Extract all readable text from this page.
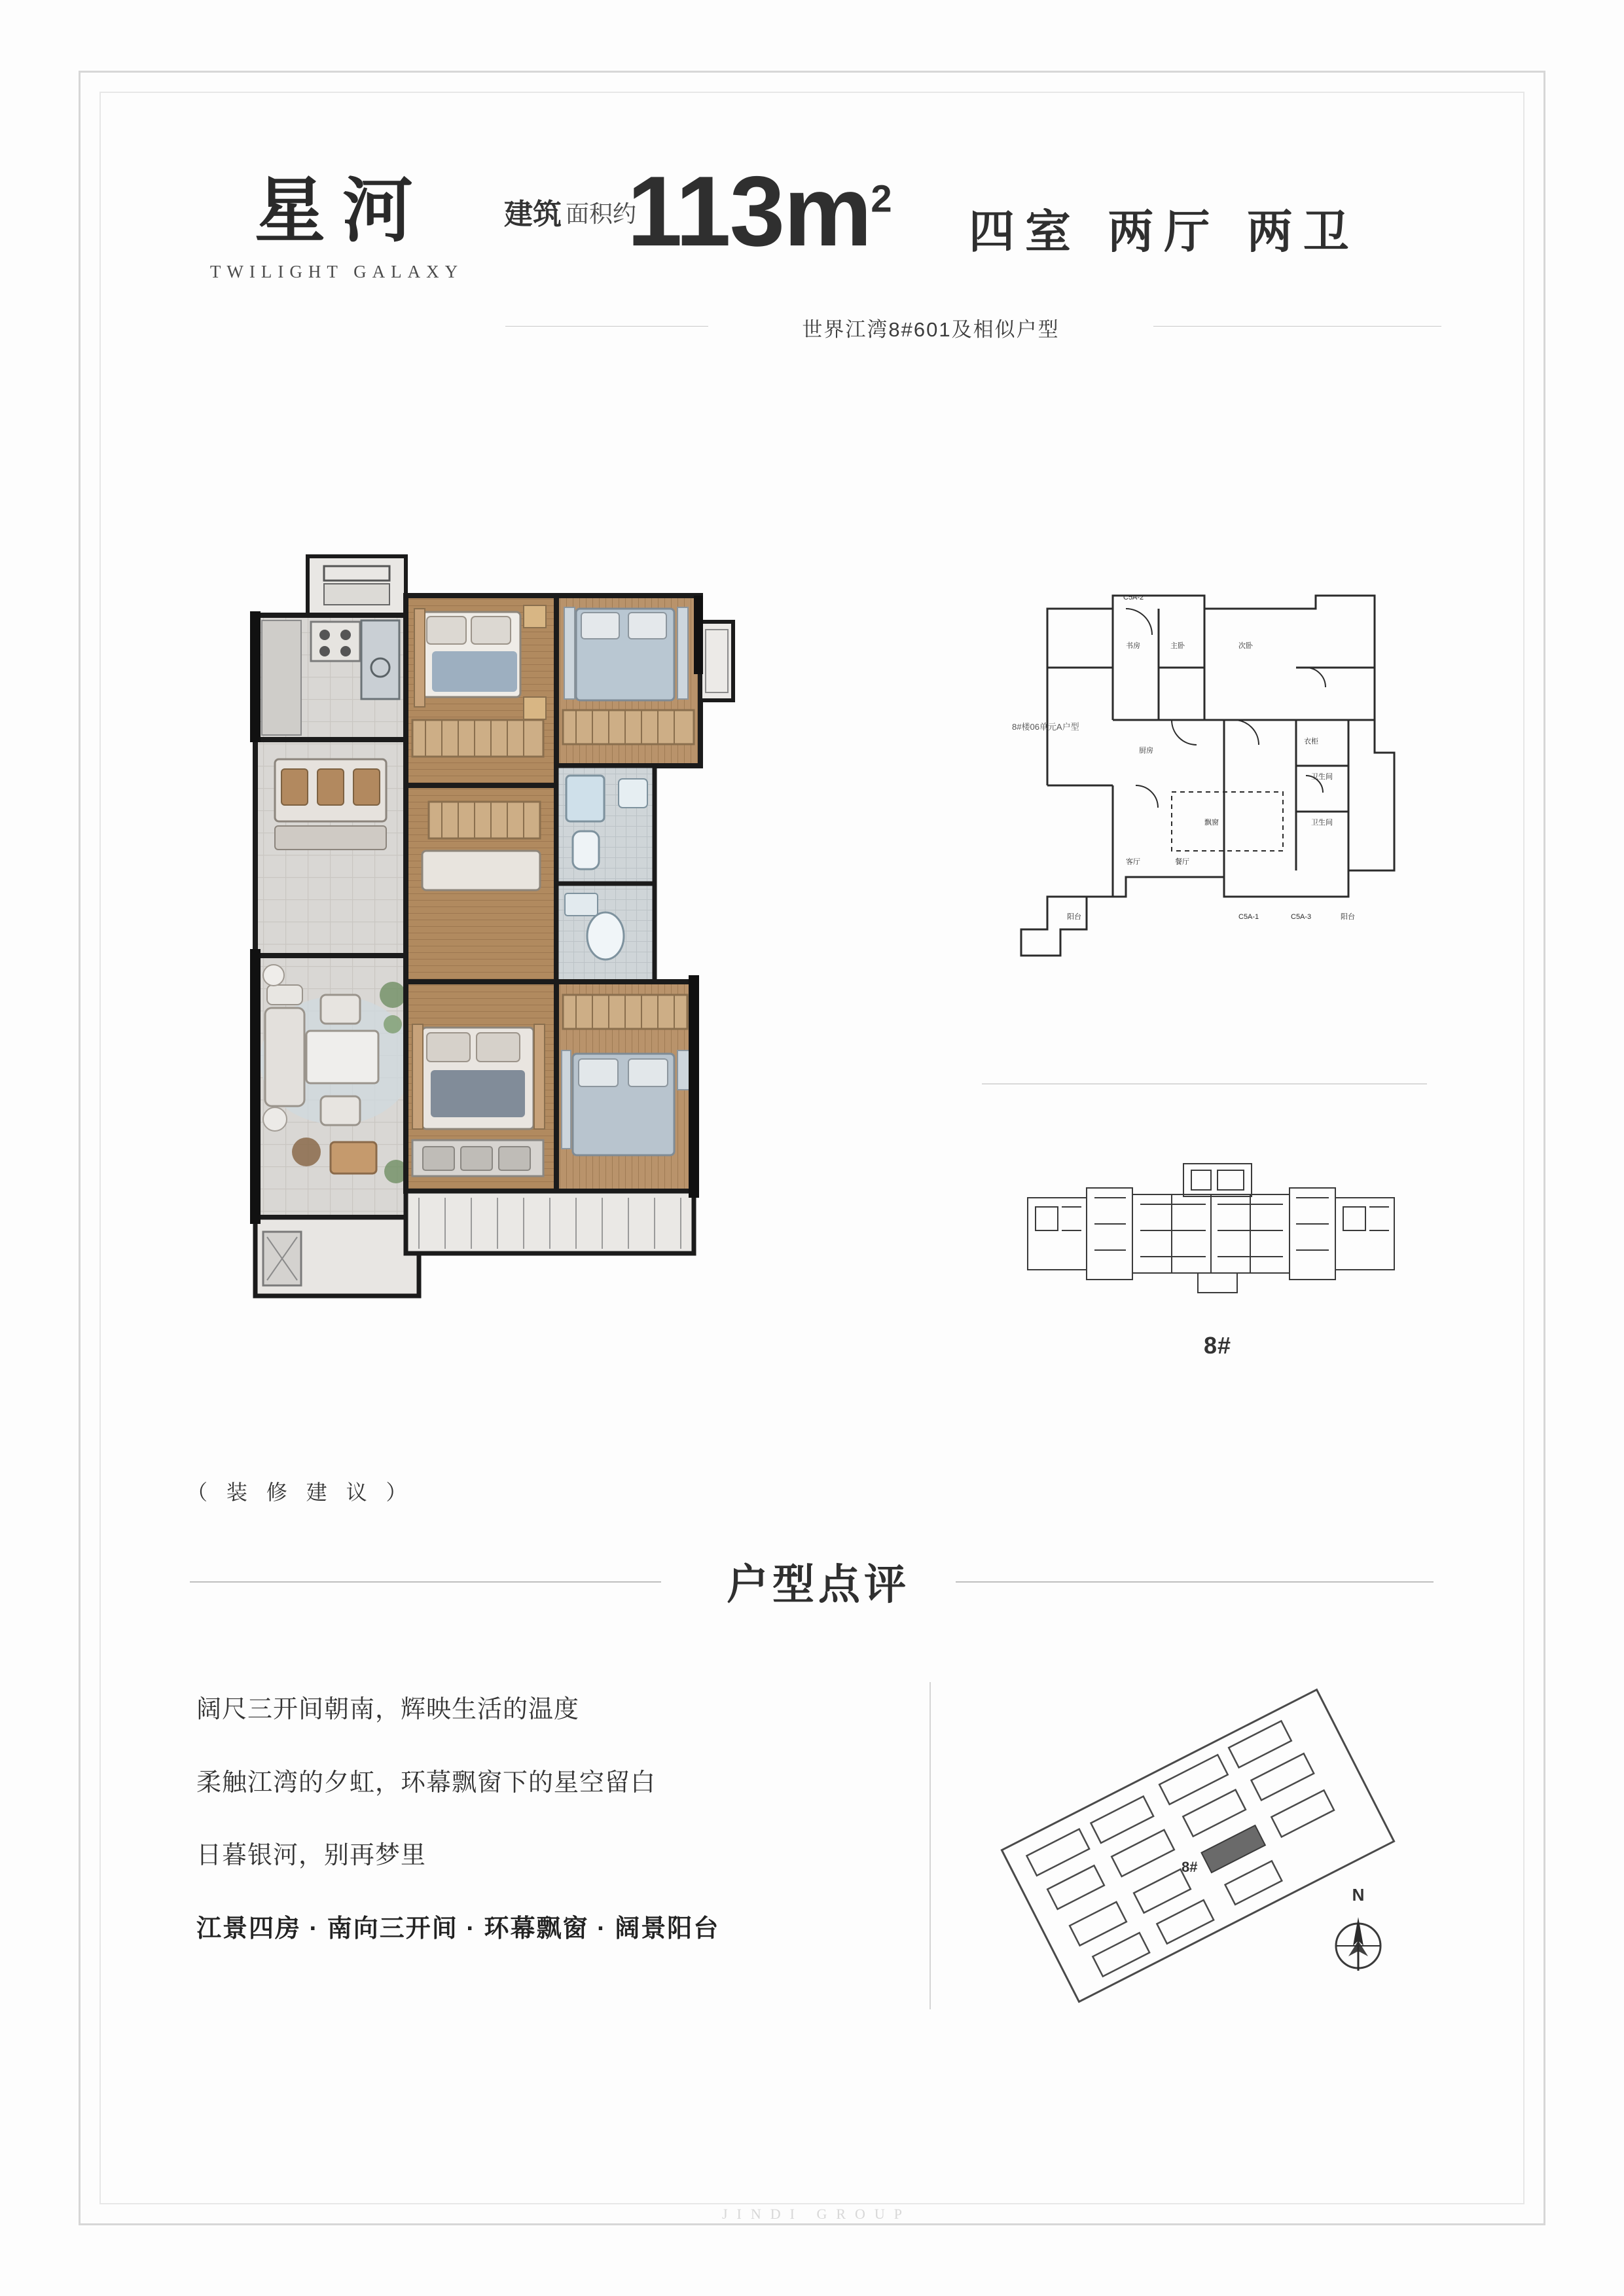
星河
TWILIGHT GALAXY
建筑 面积约
$113m^2$
四室 两厅 两卫
世界江湾8#601及相似户型
C5A-2
衣柜
卫生间
卫生间
书房	主卧	次卧
厨房
客厅	餐厅
飘窗
C5A-1	C5A-3	阳台
阳台
8#楼06单元A户型
8#
（ 装 修 建 议 ）
户型点评
阔尺三开间朝南，辉映生活的温度
柔触江湾的夕虹，环幕飘窗下的星空留白
日暮银河，别再梦里
江景四房 · 南向三开间 · 环幕飘窗 · 阔景阳台
8#
N
JINDI GROUP
